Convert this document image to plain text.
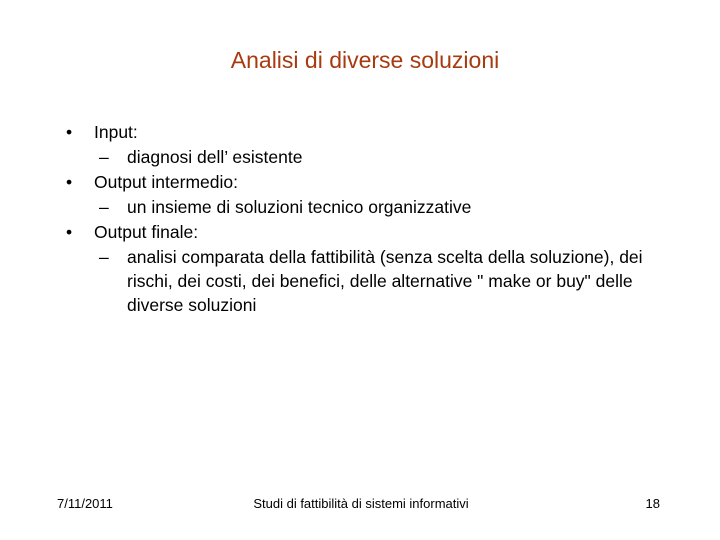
Analisi di diverse soluzioni
•	Input:
–	diagnosi dell’ esistente
•	Output intermedio:
–	un insieme di soluzioni tecnico organizzative
•	Output finale:
–	analisi comparata della fattibilità (senza scelta della soluzione), dei rischi, dei costi, dei benefici, delle alternative " make or buy" delle diverse soluzioni
7/11/2011	Studi di fattibilità di sistemi informativi	18
